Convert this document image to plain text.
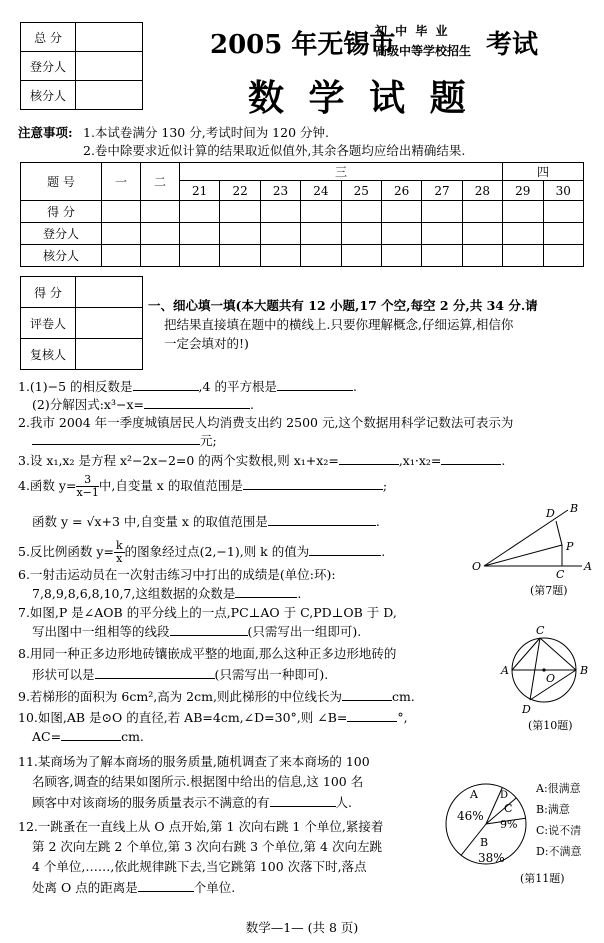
总 分	
登分人	
核分人	
2005 年无锡市
初 中 毕 业
高级中等学校招生 考试
数 学 试 题
注意事项: 1.本试卷满分 130 分,考试时间为 120 分钟.
2.卷中除要求近似计算的结果取近似值外,其余各题均应给出精确结果.
题 号	一	二	三								四	
			21	22	23	24	25	26	27	28	29	30
得 分												
登分人												
核分人												
得 分	
评卷人	
复核人	
一、细心填一填(本大题共有 12 小题,17 个空,每空 2 分,共 34 分.请
把结果直接填在题中的横线上.只要你理解概念,仔细运算,相信你
一定会填对的!)
1.(1)−5 的相反数是	,4 的平方根是	.
(2)分解因式:x³−x=	.
2.我市 2004 年一季度城镇居民人均消费支出约 2500 元,这个数据用科学记数法可表示为
元;
3.设 x₁,x₂ 是方程 x²−2x−2=0 的两个实数根,则 x₁+x₂=	,x₁·x₂=	.
4.函数 $y= \frac{3}{x-1}$ 中,自变量 x 的取值范围是	;
函数 y = √x+3 中,自变量 x 的取值范围是	.
5.反比例函数 $y= \frac{k}{x}$ 的图象经过点(2,−1),则 k 的值为	.
6.一射击运动员在一次射击练习中打出的成绩是(单位:环):
7,8,9,8,6,8,10,7,这组数据的众数是	.
7.如图,P 是∠AOB 的平分线上的一点,PC⊥AO 于 C,PD⊥OB 于 D,
写出图中一组相等的线段	(只需写出一组即可).
8.用同一种正多边形地砖镶嵌成平整的地面,那么这种正多边形地砖的
形状可以是	(只需写出一种即可).
9.若梯形的面积为 6cm²,高为 2cm,则此梯形的中位线长为	cm.
10.如图,AB 是⊙O 的直径,若 AB=4cm,∠D=30°,则 ∠B=	°,
AC=	cm.
11.某商场为了解本商场的服务质量,随机调查了来本商场的 100
名顾客,调查的结果如图所示.根据图中给出的信息,这 100 名
顾客中对该商场的服务质量表示不满意的有	人.
12.一跳蚤在一直线上从 O 点开始,第 1 次向右跳 1 个单位,紧接着
第 2 次向左跳 2 个单位,第 3 次向右跳 3 个单位,第 4 次向左跳
4 个单位,……,依此规律跳下去,当它跳第 100 次落下时,落点
处离 O 点的距离是	个单位.
O	A
B
C
D
P
(第7题)
A	B
C
D
O
(第10题)
46%
38%
9%
A
B
C
D
A:很满意
B:满意
C:说不清
D:不满意
(第11题)
数学—1— (共 8 页)
